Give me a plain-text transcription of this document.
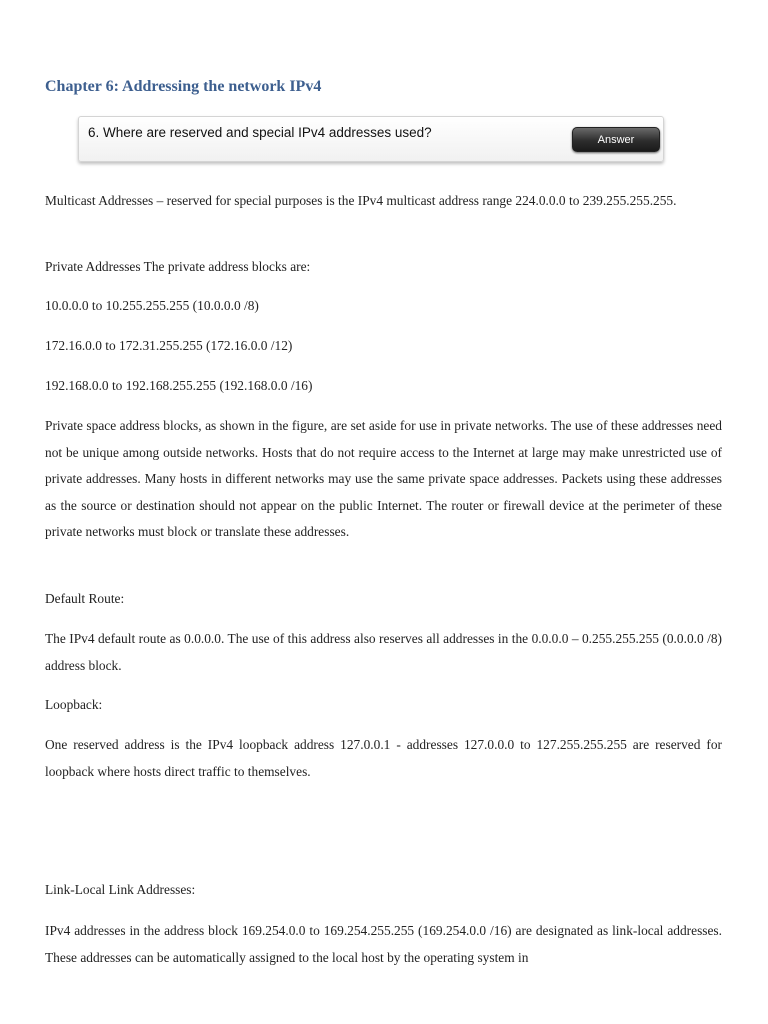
Chapter 6: Addressing the network IPv4
6. Where are reserved and special IPv4 addresses used?	Answer

Multicast Addresses – reserved for special purposes is the IPv4 multicast address range 224.0.0.0 to 239.255.255.255.

Private Addresses The private address blocks are:

10.0.0.0 to 10.255.255.255 (10.0.0.0 /8)

172.16.0.0 to 172.31.255.255 (172.16.0.0 /12)

192.168.0.0 to 192.168.255.255 (192.168.0.0 /16)

Private space address blocks, as shown in the figure, are set aside for use in private networks. The use of these addresses need not be unique among outside networks. Hosts that do not require access to the Internet at large may make unrestricted use of private addresses. Many hosts in different networks may use the same private space addresses. Packets using these addresses as the source or destination should not appear on the public Internet. The router or firewall device at the perimeter of these private networks must block or translate these addresses.

Default Route:

The IPv4 default route as 0.0.0.0. The use of this address also reserves all addresses in the 0.0.0.0 – 0.255.255.255 (0.0.0.0 /8) address block.

Loopback:

One reserved address is the IPv4 loopback address 127.0.0.1 - addresses 127.0.0.0 to 127.255.255.255 are reserved for loopback where hosts direct traffic to themselves.

Link-Local Link Addresses:

IPv4 addresses in the address block 169.254.0.0 to 169.254.255.255 (169.254.0.0 /16) are designated as link-local addresses. These addresses can be automatically assigned to the local host by the operating system in
